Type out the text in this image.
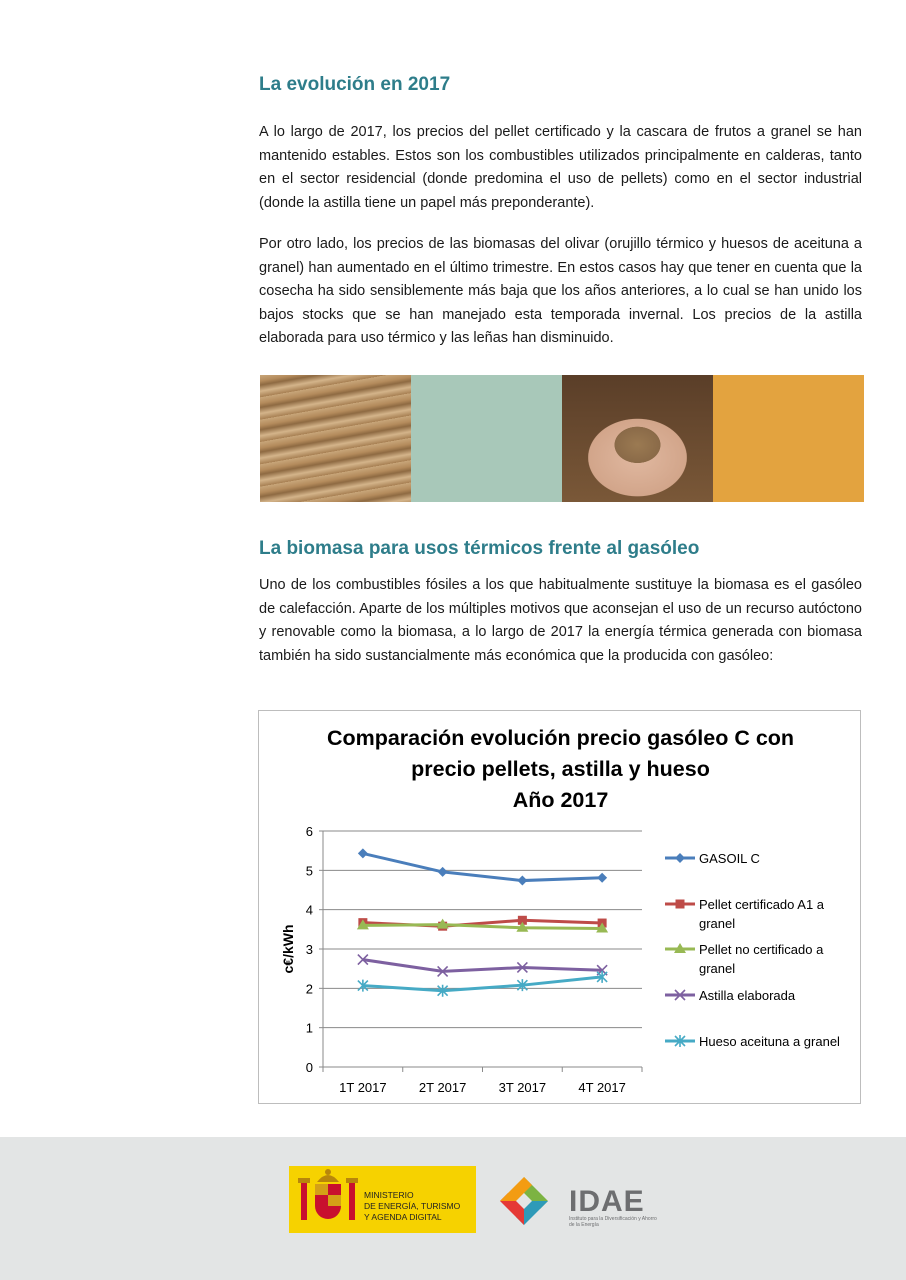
La evolución en 2017

A lo largo de 2017, los precios del pellet certificado y la cascara de frutos a granel se han mantenido estables. Estos son los combustibles utilizados principalmente en calderas, tanto en el sector residencial (donde predomina el uso de pellets) como en el sector industrial (donde la astilla tiene un papel más preponderante).

Por otro lado, los precios de las biomasas del olivar (orujillo térmico y huesos de aceituna a granel) han aumentado en el último trimestre. En estos casos hay que tener en cuenta que la cosecha ha sido sensiblemente más baja que los años anteriores, a lo cual se han unido los bajos stocks que se han manejado esta temporada invernal. Los precios de la astilla elaborada para uso térmico y las leñas han disminuido.

La biomasa para usos térmicos frente al gasóleo

Uno de los combustibles fósiles a los que habitualmente sustituye la biomasa es el gasóleo de calefacción. Aparte de los múltiples motivos que aconsejan el uso de un recurso autóctono y renovable como la biomasa, a lo largo de 2017 la energía térmica generada con biomasa también ha sido sustancialmente más económica que la producida con gasóleo:

Comparación evolución precio gasóleo C con
precio pellets, astilla y hueso
Año 2017
0
1
2
3
4
5
6
1T 2017 2T 2017 3T 2017 4T 2017
c€/kWh
GASOIL C
Pellet certificado A1 a
granel
Pellet no certificado a
granel
Astilla elaborada
Hueso aceituna a granel
MINISTERIO
DE ENERGÍA, TURISMO
Y AGENDA DIGITAL	IDAE
Instituto para la Diversificación y Ahorro de la Energía
